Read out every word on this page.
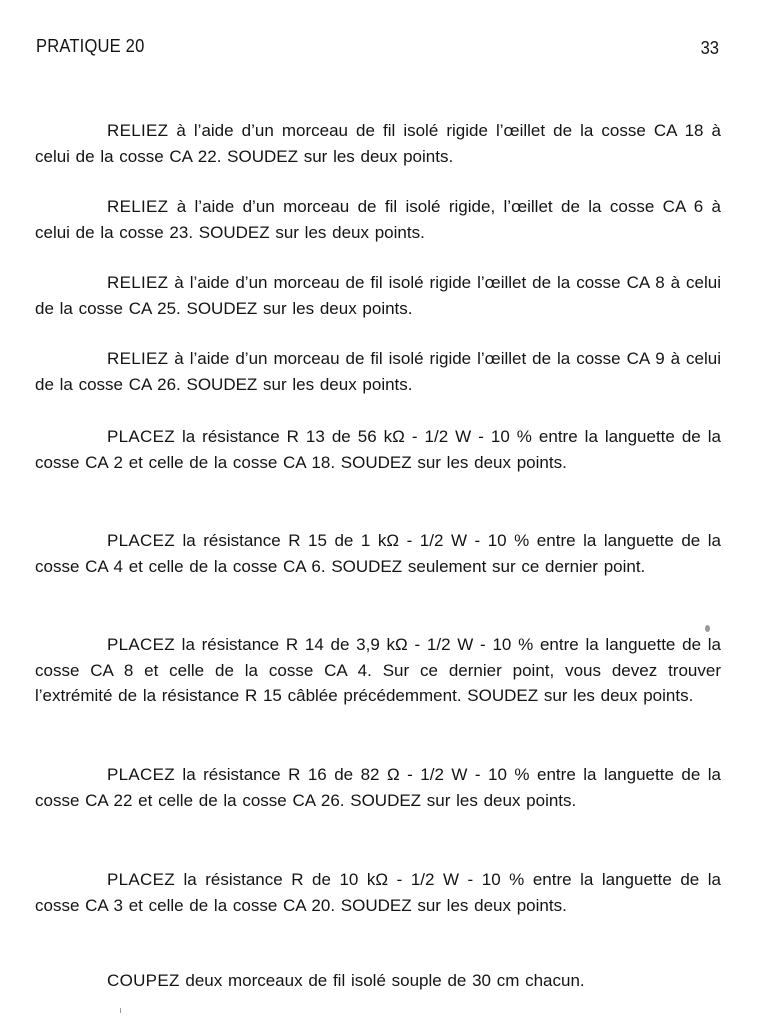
PRATIQUE 20	33

RELIEZ à l’aide d’un morceau de fil isolé rigide l’œillet de la cosse CA 18 à celui de la cosse CA 22. SOUDEZ sur les deux points.

RELIEZ à l’aide d’un morceau de fil isolé rigide, l’œillet de la cosse CA 6 à celui de la cosse 23. SOUDEZ sur les deux points.

RELIEZ à l’aide d’un morceau de fil isolé rigide l’œillet de la cosse CA 8 à celui de la cosse CA 25. SOUDEZ sur les deux points.

RELIEZ à l’aide d’un morceau de fil isolé rigide l’œillet de la cosse CA 9 à celui de la cosse CA 26. SOUDEZ sur les deux points.

PLACEZ la résistance R 13 de 56 kΩ - 1/2 W - 10 % entre la languette de la cosse CA 2 et celle de la cosse CA 18. SOUDEZ sur les deux points.

PLACEZ la résistance R 15 de 1 kΩ - 1/2 W - 10 % entre la languette de la cosse CA 4 et celle de la cosse CA 6. SOUDEZ seulement sur ce dernier point.

PLACEZ la résistance R 14 de 3,9 kΩ - 1/2 W - 10 % entre la languette de la cosse CA 8 et celle de la cosse CA 4. Sur ce dernier point, vous devez trouver l’extrémité de la résistance R 15 câblée précédemment. SOUDEZ sur les deux points.

PLACEZ la résistance R 16 de 82 Ω - 1/2 W - 10 % entre la languette de la cosse CA 22 et celle de la cosse CA 26. SOUDEZ sur les deux points.

PLACEZ la résistance R de 10 kΩ - 1/2 W - 10 % entre la languette de la cosse CA 3 et celle de la cosse CA 20. SOUDEZ sur les deux points.

COUPEZ deux morceaux de fil isolé souple de 30 cm chacun.
